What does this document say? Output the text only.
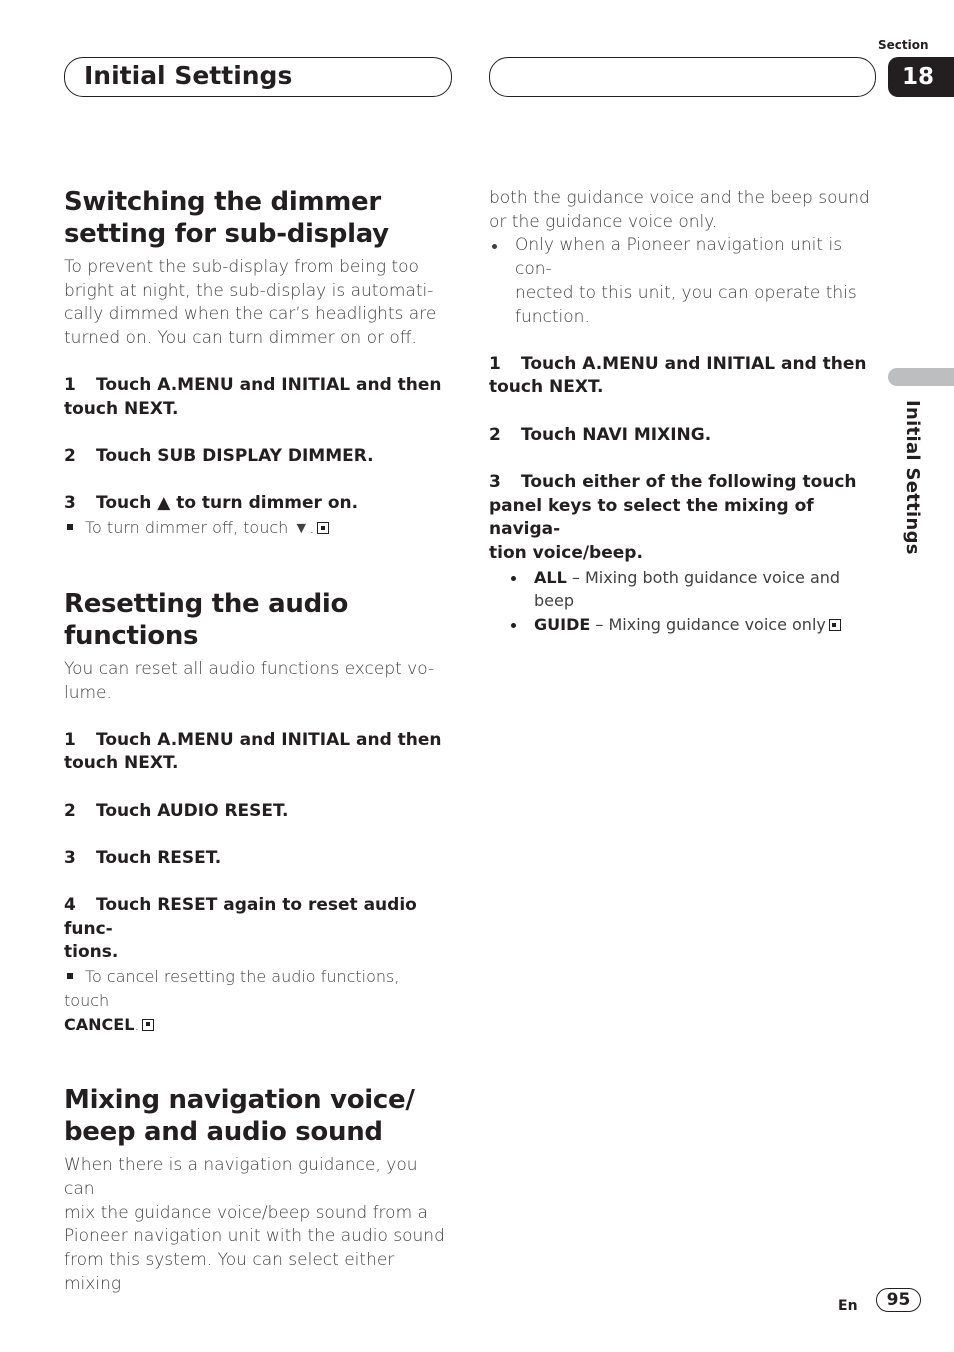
Initial Settings
Section
18
Initial Settings
Switching the dimmer
setting for sub-display

To prevent the sub-display from being too
bright at night, the sub-display is automati-
cally dimmed when the car’s headlights are
turned on. You can turn dimmer on or off.

1 Touch A.MENU and INITIAL and then
touch NEXT.

2 Touch SUB DISPLAY DIMMER.

3 Touch ▲ to turn dimmer on.

To turn dimmer off, touch ▼.

Resetting the audio functions

You can reset all audio functions except vo-
lume.

1 Touch A.MENU and INITIAL and then
touch NEXT.

2 Touch AUDIO RESET.

3 Touch RESET.

4 Touch RESET again to reset audio func-
tions.

To cancel resetting the audio functions, touch
CANCEL.

Mixing navigation voice/
beep and audio sound

When there is a navigation guidance, you can
mix the guidance voice/beep sound from a
Pioneer navigation unit with the audio sound
from this system. You can select either mixing

both the guidance voice and the beep sound
or the guidance voice only.

Only when a Pioneer navigation unit is con-
nected to this unit, you can operate this
function.

1 Touch A.MENU and INITIAL and then
touch NEXT.

2 Touch NAVI MIXING.

3 Touch either of the following touch
panel keys to select the mixing of naviga-
tion voice/beep.

ALL – Mixing both guidance voice and beep

GUIDE – Mixing guidance voice only

En	95
